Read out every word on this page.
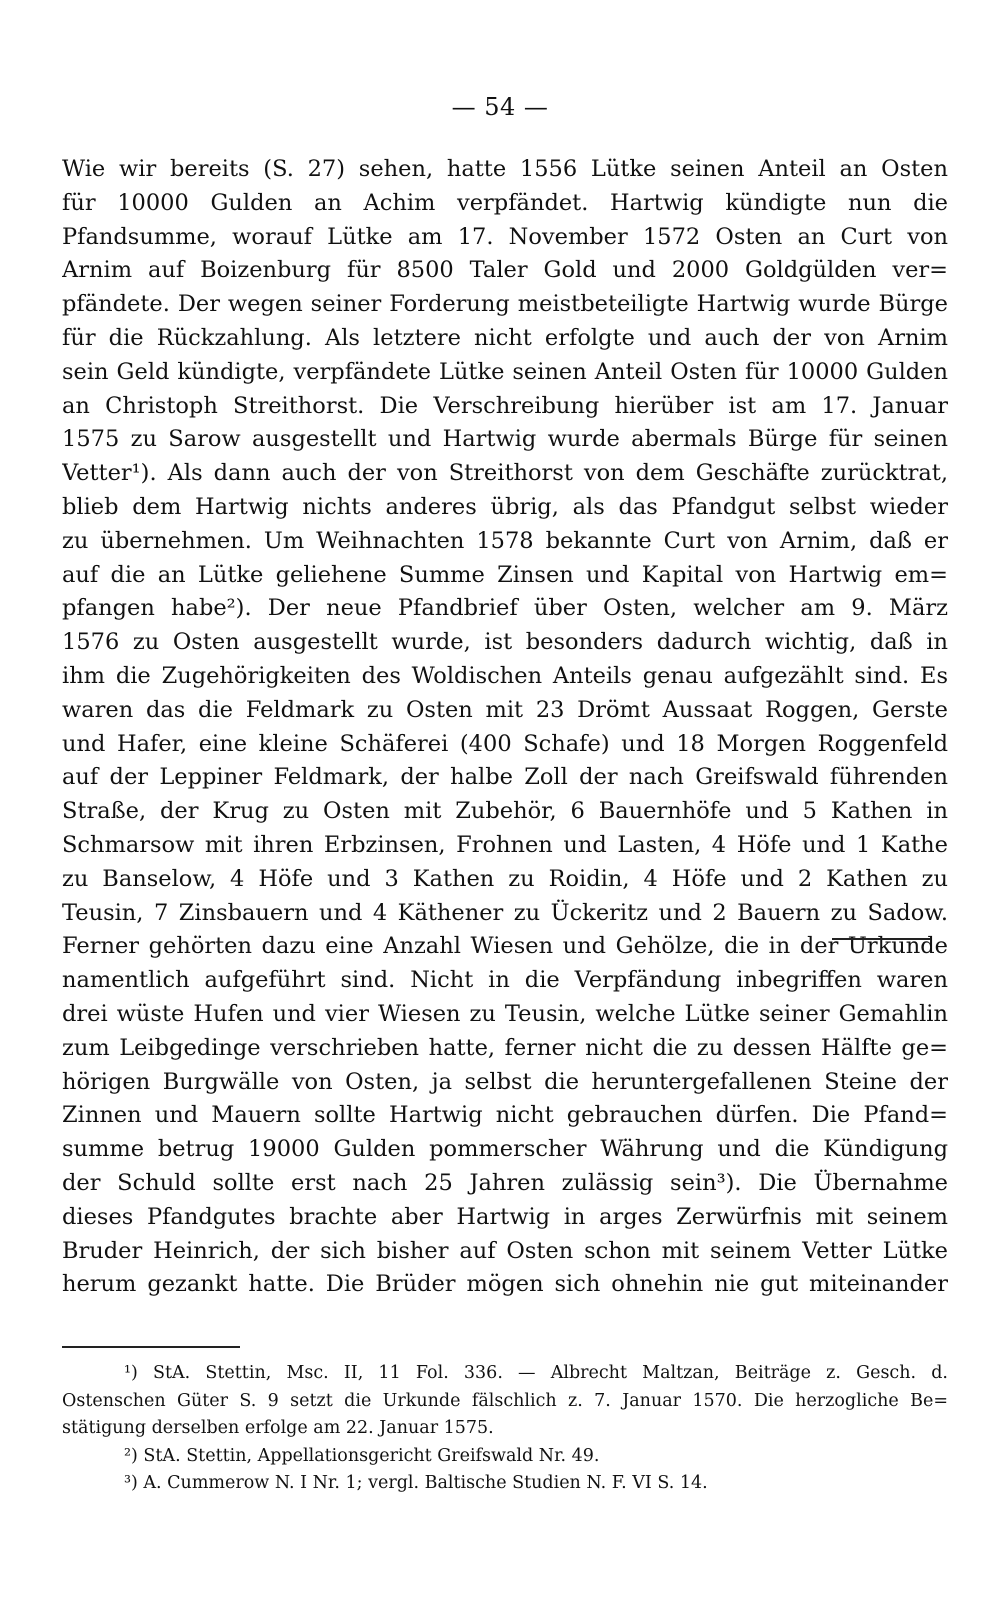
— 54 —
Wie wir bereits (S. 27) sehen, hatte 1556 Lütke seinen Anteil an Osten
für 10000 Gulden an Achim verpfändet. Hartwig kündigte nun die
Pfandsumme, worauf Lütke am 17. November 1572 Osten an Curt von
Arnim auf Boizenburg für 8500 Taler Gold und 2000 Goldgülden ver=
pfändete. Der wegen seiner Forderung meistbeteiligte Hartwig wurde Bürge
für die Rückzahlung. Als letztere nicht erfolgte und auch der von Arnim
sein Geld kündigte, verpfändete Lütke seinen Anteil Osten für 10000 Gulden
an Christoph Streithorst. Die Verschreibung hierüber ist am 17. Januar
1575 zu Sarow ausgestellt und Hartwig wurde abermals Bürge für seinen
Vetter¹). Als dann auch der von Streithorst von dem Geschäfte zurücktrat,
blieb dem Hartwig nichts anderes übrig, als das Pfandgut selbst wieder
zu übernehmen. Um Weihnachten 1578 bekannte Curt von Arnim, daß er
auf die an Lütke geliehene Summe Zinsen und Kapital von Hartwig em=
pfangen habe²). Der neue Pfandbrief über Osten, welcher am 9. März
1576 zu Osten ausgestellt wurde, ist besonders dadurch wichtig, daß in
ihm die Zugehörigkeiten des Woldischen Anteils genau aufgezählt sind. Es
waren das die Feldmark zu Osten mit 23 Drömt Aussaat Roggen, Gerste
und Hafer, eine kleine Schäferei (400 Schafe) und 18 Morgen Roggenfeld
auf der Leppiner Feldmark, der halbe Zoll der nach Greifswald führenden
Straße, der Krug zu Osten mit Zubehör, 6 Bauernhöfe und 5 Kathen in
Schmarsow mit ihren Erbzinsen, Frohnen und Lasten, 4 Höfe und 1 Kathe
zu Banselow, 4 Höfe und 3 Kathen zu Roidin, 4 Höfe und 2 Kathen zu
Teusin, 7 Zinsbauern und 4 Käthener zu Ückeritz und 2 Bauern zu Sadow.
Ferner gehörten dazu eine Anzahl Wiesen und Gehölze, die in der Urkunde
namentlich aufgeführt sind. Nicht in die Verpfändung inbegriffen waren
drei wüste Hufen und vier Wiesen zu Teusin, welche Lütke seiner Gemahlin
zum Leibgedinge verschrieben hatte, ferner nicht die zu dessen Hälfte ge=
hörigen Burgwälle von Osten, ja selbst die heruntergefallenen Steine der
Zinnen und Mauern sollte Hartwig nicht gebrauchen dürfen. Die Pfand=
summe betrug 19000 Gulden pommerscher Währung und die Kündigung
der Schuld sollte erst nach 25 Jahren zulässig sein³). Die Übernahme
dieses Pfandgutes brachte aber Hartwig in arges Zerwürfnis mit seinem
Bruder Heinrich, der sich bisher auf Osten schon mit seinem Vetter Lütke
herum gezankt hatte. Die Brüder mögen sich ohnehin nie gut miteinander
¹) StA. Stettin, Msc. II, 11 Fol. 336. — Albrecht Maltzan, Beiträge z. Gesch. d.
Ostenschen Güter S. 9 setzt die Urkunde fälschlich z. 7. Januar 1570. Die herzogliche Be=
stätigung derselben erfolge am 22. Januar 1575.
²) StA. Stettin, Appellationsgericht Greifswald Nr. 49.
³) A. Cummerow N. I Nr. 1; vergl. Baltische Studien N. F. VI S. 14.
